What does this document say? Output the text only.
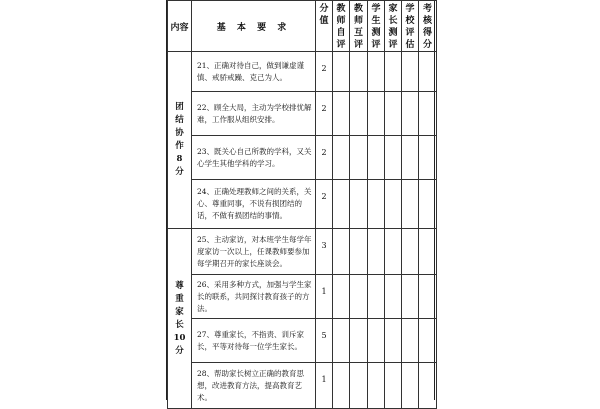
内容	基 本 要 求	分值	教师自评	教师互评	学生测评	家长测评	学校评估	考核得分
团结协作8分	21、正确对待自己，做到谦虚谨慎、戒骄戒躁、克己为人。	2						
	22、顾全大局，主动为学校排忧解难，工作服从组织安排。	2						
	23、既关心自己所教的学科，又关心学生其他学科的学习。	2						
	24、正确处理教师之间的关系，关心、尊重同事，不说有损团结的话，不做有损团结的事情。	2						
尊重家长10分	25、主动家访，对本班学生每学年度家访一次以上，任课教师要参加每学期召开的家长座谈会。	3						
	26、采用多种方式，加强与学生家长的联系，共同探讨教育孩子的方法。	1						
	27、尊重家长，不指责、训斥家长，平等对待每一位学生家长。	5						
	28、帮助家长树立正确的教育思想，改进教育方法，提高教育艺术。	1						
